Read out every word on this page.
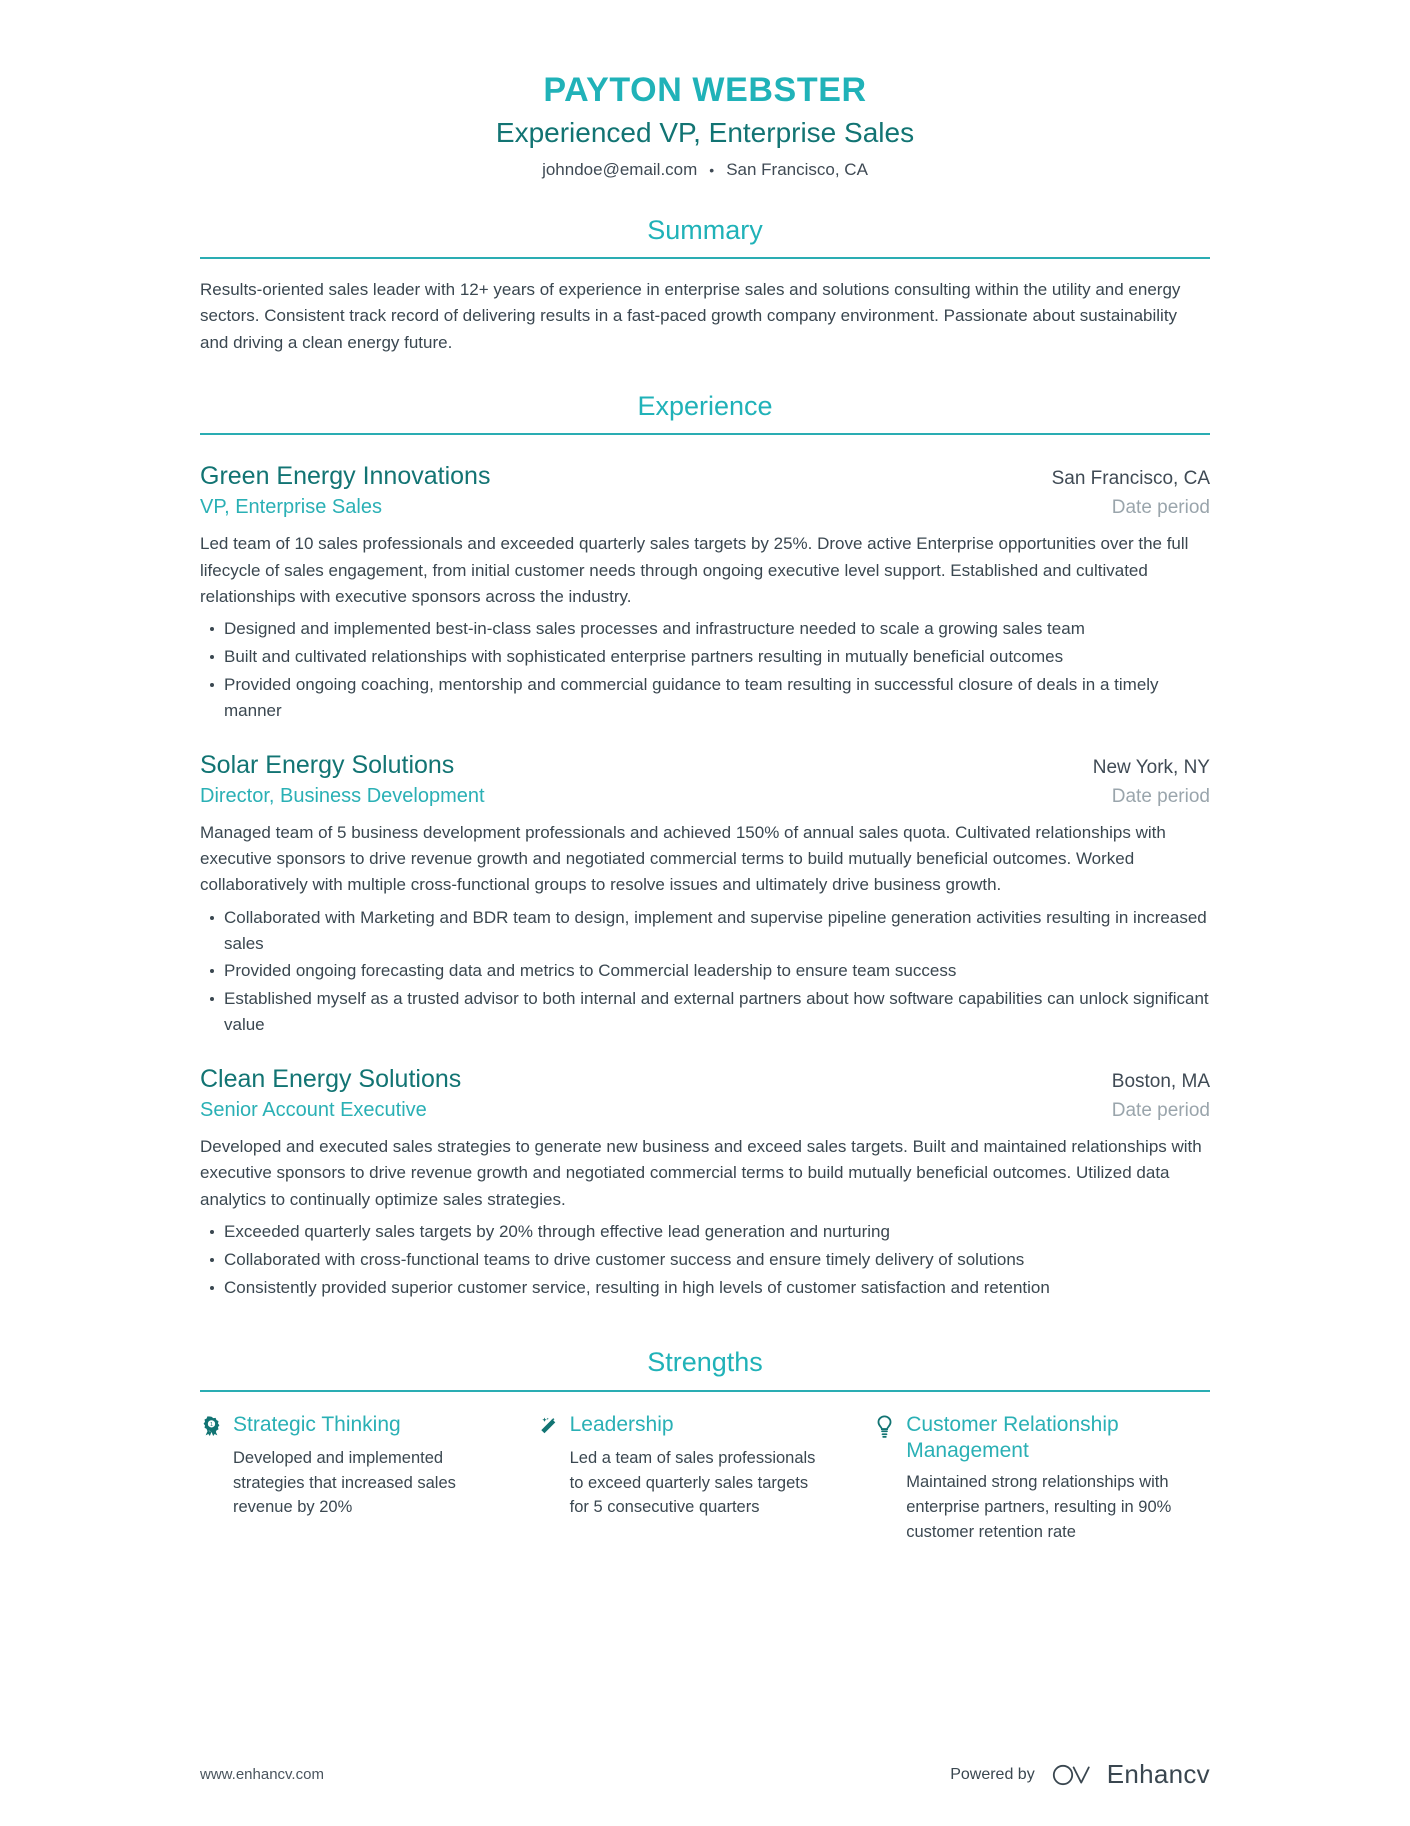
PAYTON WEBSTER
Experienced VP, Enterprise Sales
johndoe@email.com • San Francisco, CA
Summary

Results-oriented sales leader with 12+ years of experience in enterprise sales and solutions consulting within the utility and energy sectors. Consistent track record of delivering results in a fast-paced growth company environment. Passionate about sustainability and driving a clean energy future.

Experience
Green Energy Innovations	San Francisco, CA
VP, Enterprise Sales	Date period

Led team of 10 sales professionals and exceeded quarterly sales targets by 25%. Drove active Enterprise opportunities over the full lifecycle of sales engagement, from initial customer needs through ongoing executive level support. Established and cultivated relationships with executive sponsors across the industry.

Designed and implemented best-in-class sales processes and infrastructure needed to scale a growing sales team
Built and cultivated relationships with sophisticated enterprise partners resulting in mutually beneficial outcomes
Provided ongoing coaching, mentorship and commercial guidance to team resulting in successful closure of deals in a timely manner
Solar Energy Solutions	New York, NY
Director, Business Development	Date period

Managed team of 5 business development professionals and achieved 150% of annual sales quota. Cultivated relationships with executive sponsors to drive revenue growth and negotiated commercial terms to build mutually beneficial outcomes. Worked collaboratively with multiple cross-functional groups to resolve issues and ultimately drive business growth.

Collaborated with Marketing and BDR team to design, implement and supervise pipeline generation activities resulting in increased sales
Provided ongoing forecasting data and metrics to Commercial leadership to ensure team success
Established myself as a trusted advisor to both internal and external partners about how software capabilities can unlock significant value
Clean Energy Solutions	Boston, MA
Senior Account Executive	Date period

Developed and executed sales strategies to generate new business and exceed sales targets. Built and maintained relationships with executive sponsors to drive revenue growth and negotiated commercial terms to build mutually beneficial outcomes. Utilized data analytics to continually optimize sales strategies.

Exceeded quarterly sales targets by 20% through effective lead generation and nurturing
Collaborated with cross-functional teams to drive customer success and ensure timely delivery of solutions
Consistently provided superior customer service, resulting in high levels of customer satisfaction and retention
Strengths
1 Strategic Thinking
Developed and implemented strategies that increased sales revenue by 20%
Leadership
Led a team of sales professionals to exceed quarterly sales targets for 5 consecutive quarters
Customer Relationship Management
Maintained strong relationships with enterprise partners, resulting in 90% customer retention rate
www.enhancv.com	Powered by	Enhancv
